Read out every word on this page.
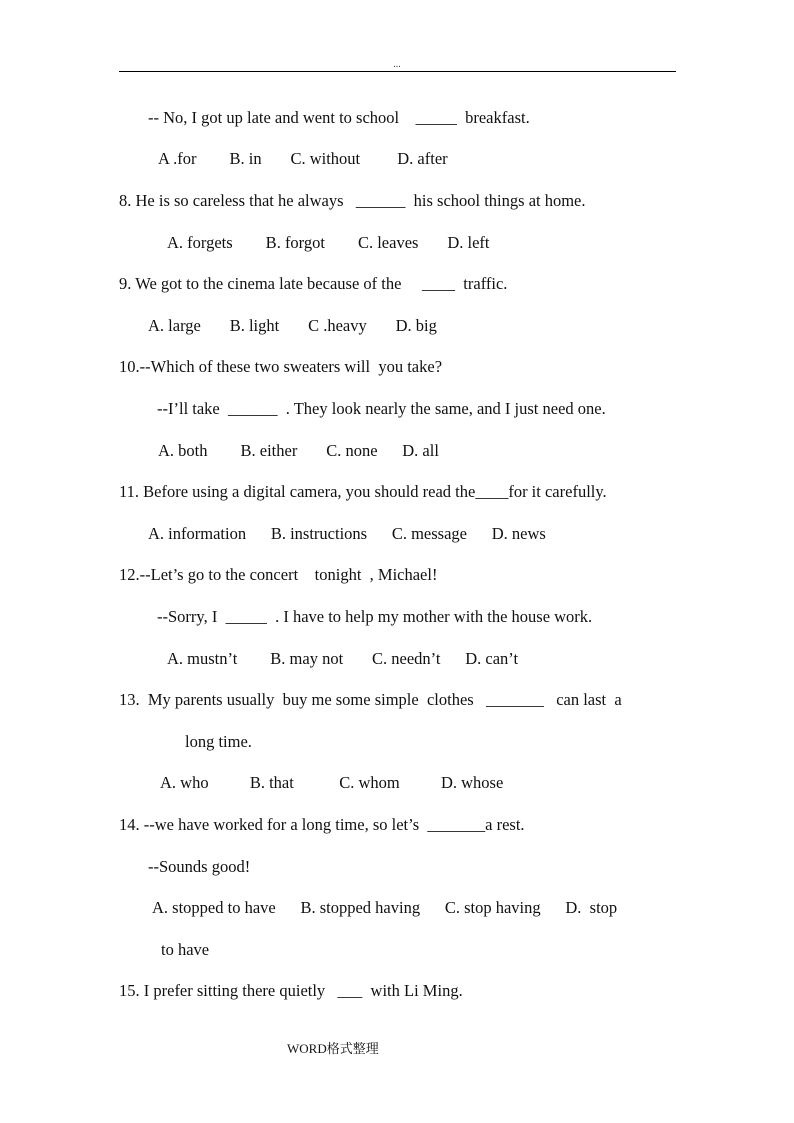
...
-- No, I got up late and went to school    _____  breakfast.
A .for        B. in       C. without         D. after
8. He is so careless that he always   ______  his school things at home.
A. forgets        B. forgot        C. leaves       D. left
9. We got to the cinema late because of the     ____  traffic.
A. large       B. light       C .heavy       D. big
10.--Which of these two sweaters will  you take?
--I’ll take  ______  . They look nearly the same, and I just need one.
A. both        B. either       C. none      D. all
11. Before using a digital camera, you should read the____for it carefully.
A. information      B. instructions      C. message      D. news
12.--Let’s go to the concert    tonight  , Michael!
--Sorry, I  _____  . I have to help my mother with the house work.
A. mustn’t        B. may not       C. needn’t      D. can’t
13.  My parents usually  buy me some simple  clothes   _______   can last  a
long time.
A. who          B. that           C. whom          D. whose
14. --we have worked for a long time, so let’s  _______a rest.
--Sounds good!
A. stopped to have      B. stopped having      C. stop having      D.  stop
to have
15. I prefer sitting there quietly   ___  with Li Ming.
WORD格式整理
